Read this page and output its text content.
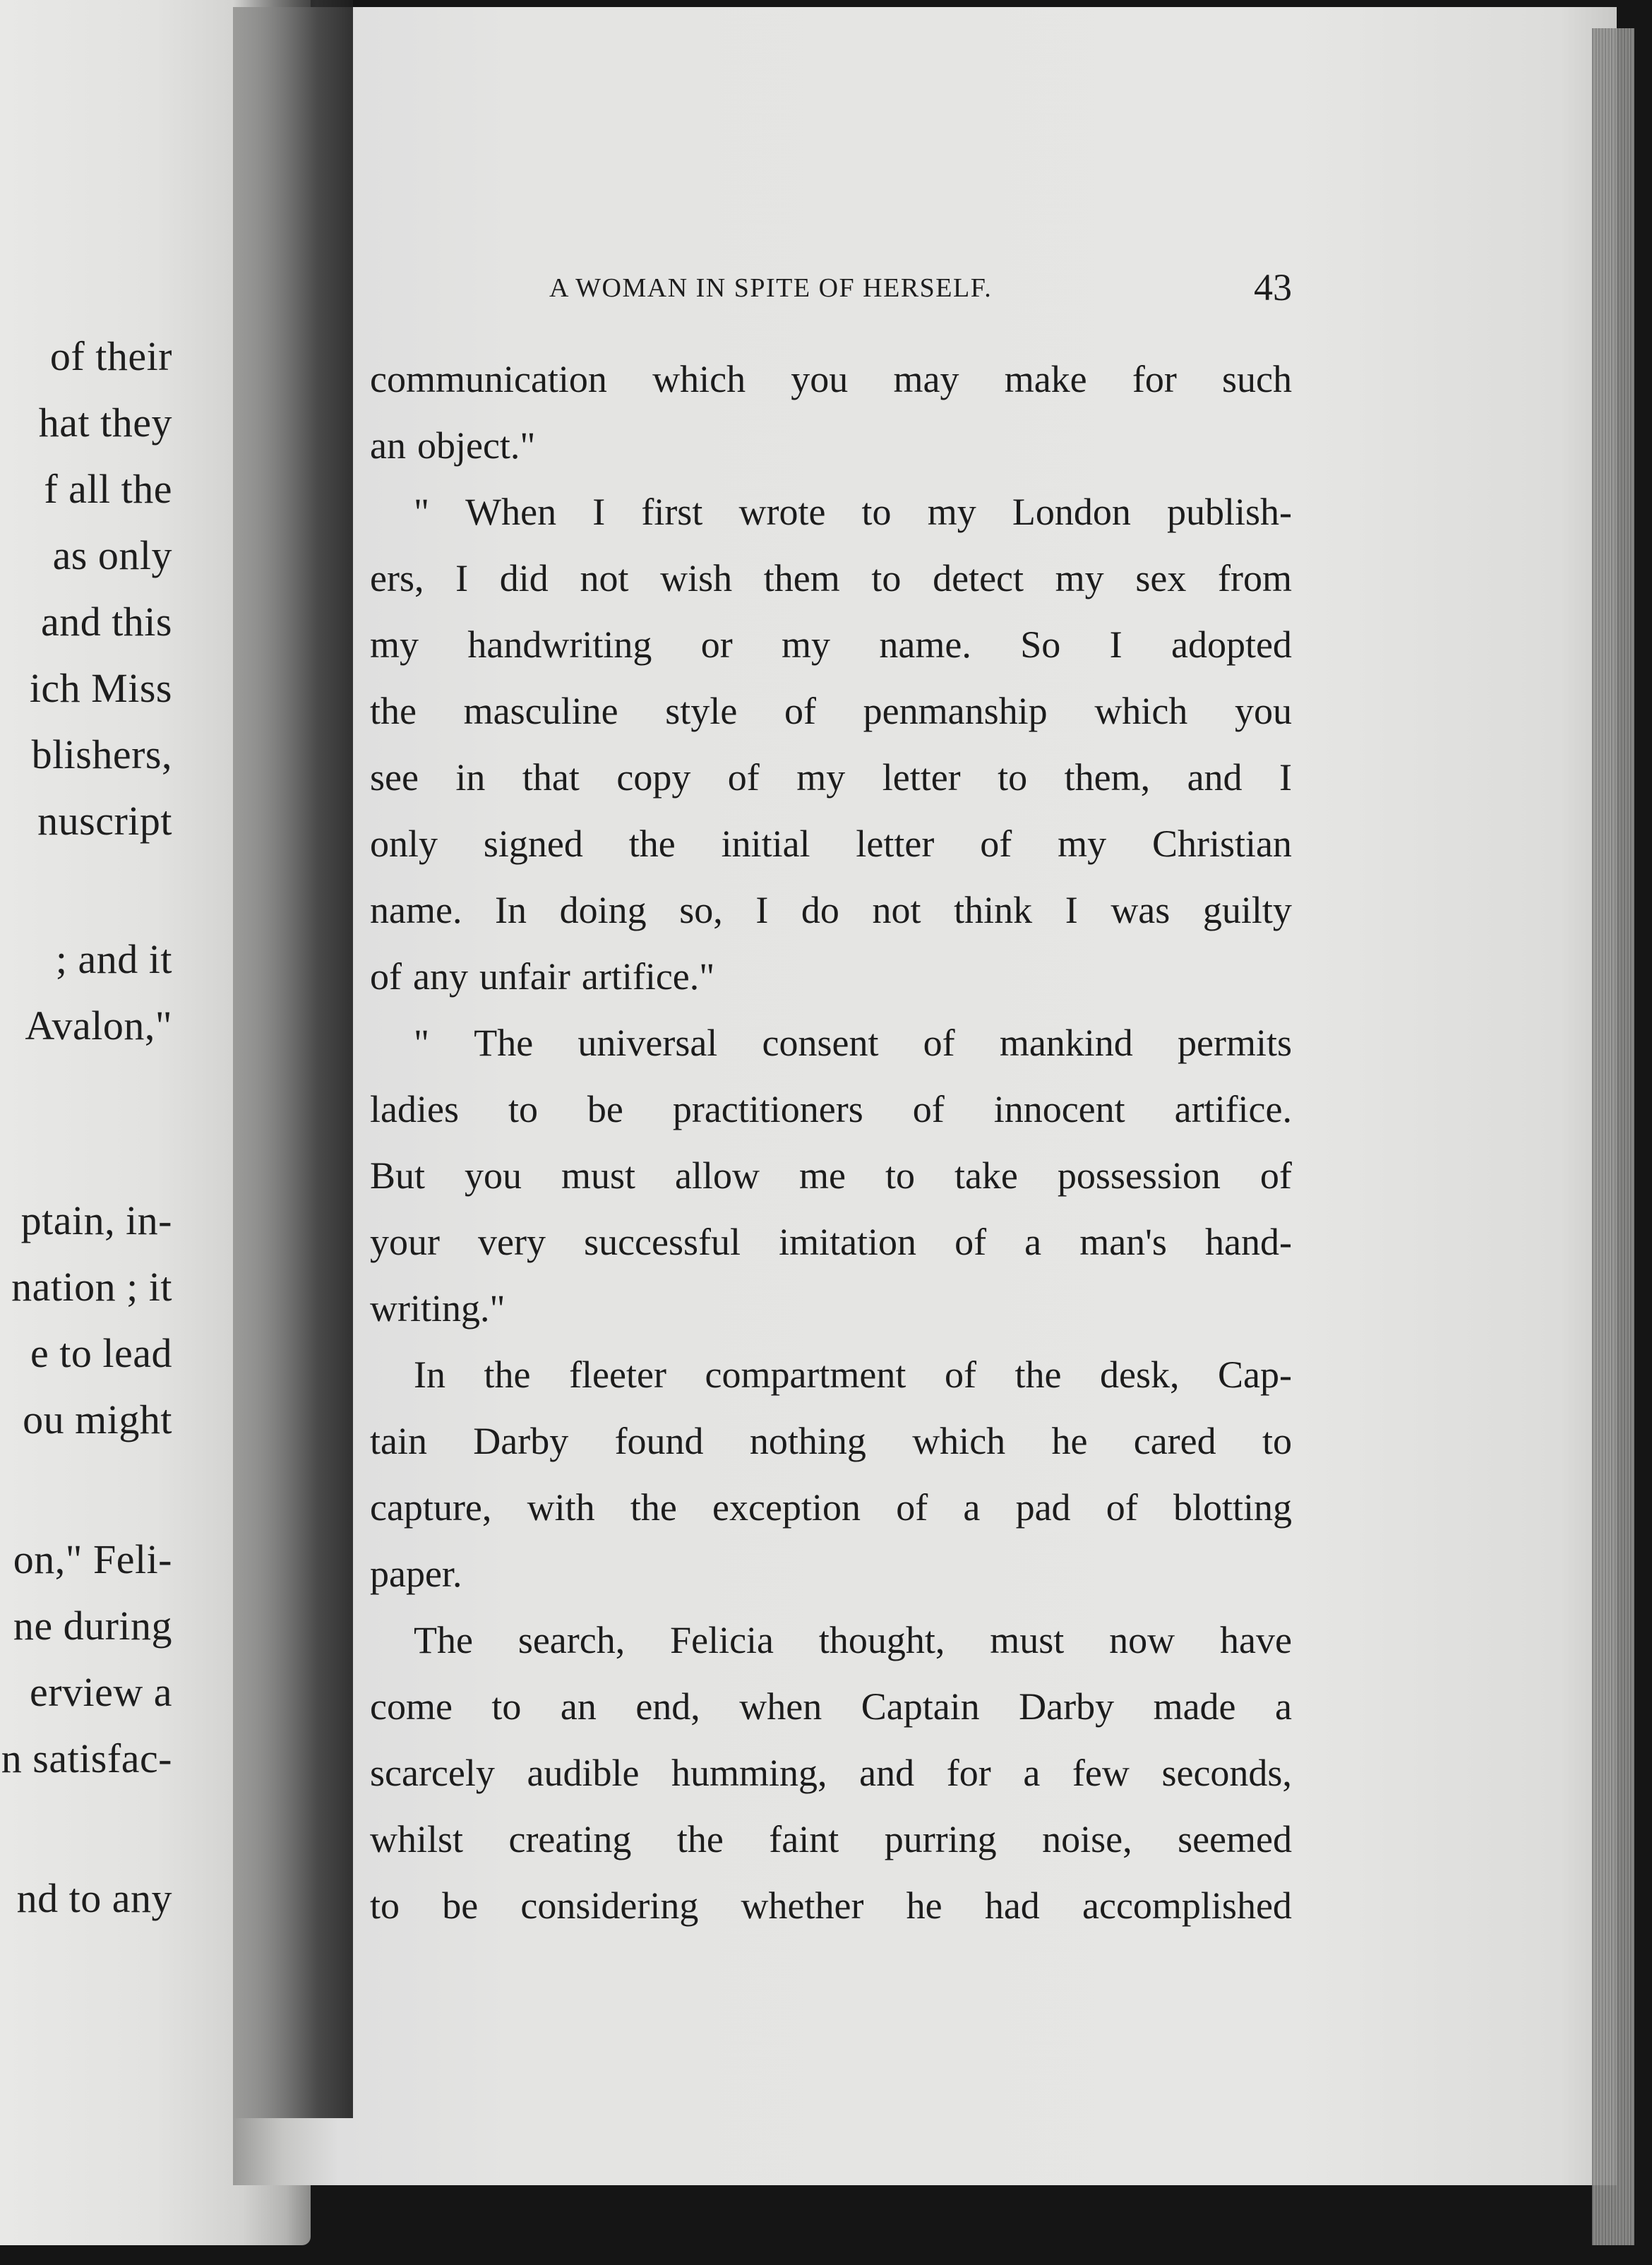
of their
hat they
f all the
as only
and this
ich Miss
blishers,
nuscript
; and it
Avalon,"
ptain, in-
nation ; it
e to lead
ou might
on," Feli-
ne during
erview a
n satisfac-
nd to any
A WOMAN IN SPITE OF HERSELF.	43
communication which you may make for such
an object."
" When I first wrote to my London publish-
ers, I did not wish them to detect my sex from
my handwriting or my name. So I adopted
the masculine style of penmanship which you
see in that copy of my letter to them, and I
only signed the initial letter of my Christian
name. In doing so, I do not think I was guilty
of any unfair artifice."
" The universal consent of mankind permits
ladies to be practitioners of innocent artifice.
But you must allow me to take possession of
your very successful imitation of a man's hand-
writing."
In the fleeter compartment of the desk, Cap-
tain Darby found nothing which he cared to
capture, with the exception of a pad of blotting
paper.
The search, Felicia thought, must now have
come to an end, when Captain Darby made a
scarcely audible humming, and for a few seconds,
whilst creating the faint purring noise, seemed
to be considering whether he had accomplished
